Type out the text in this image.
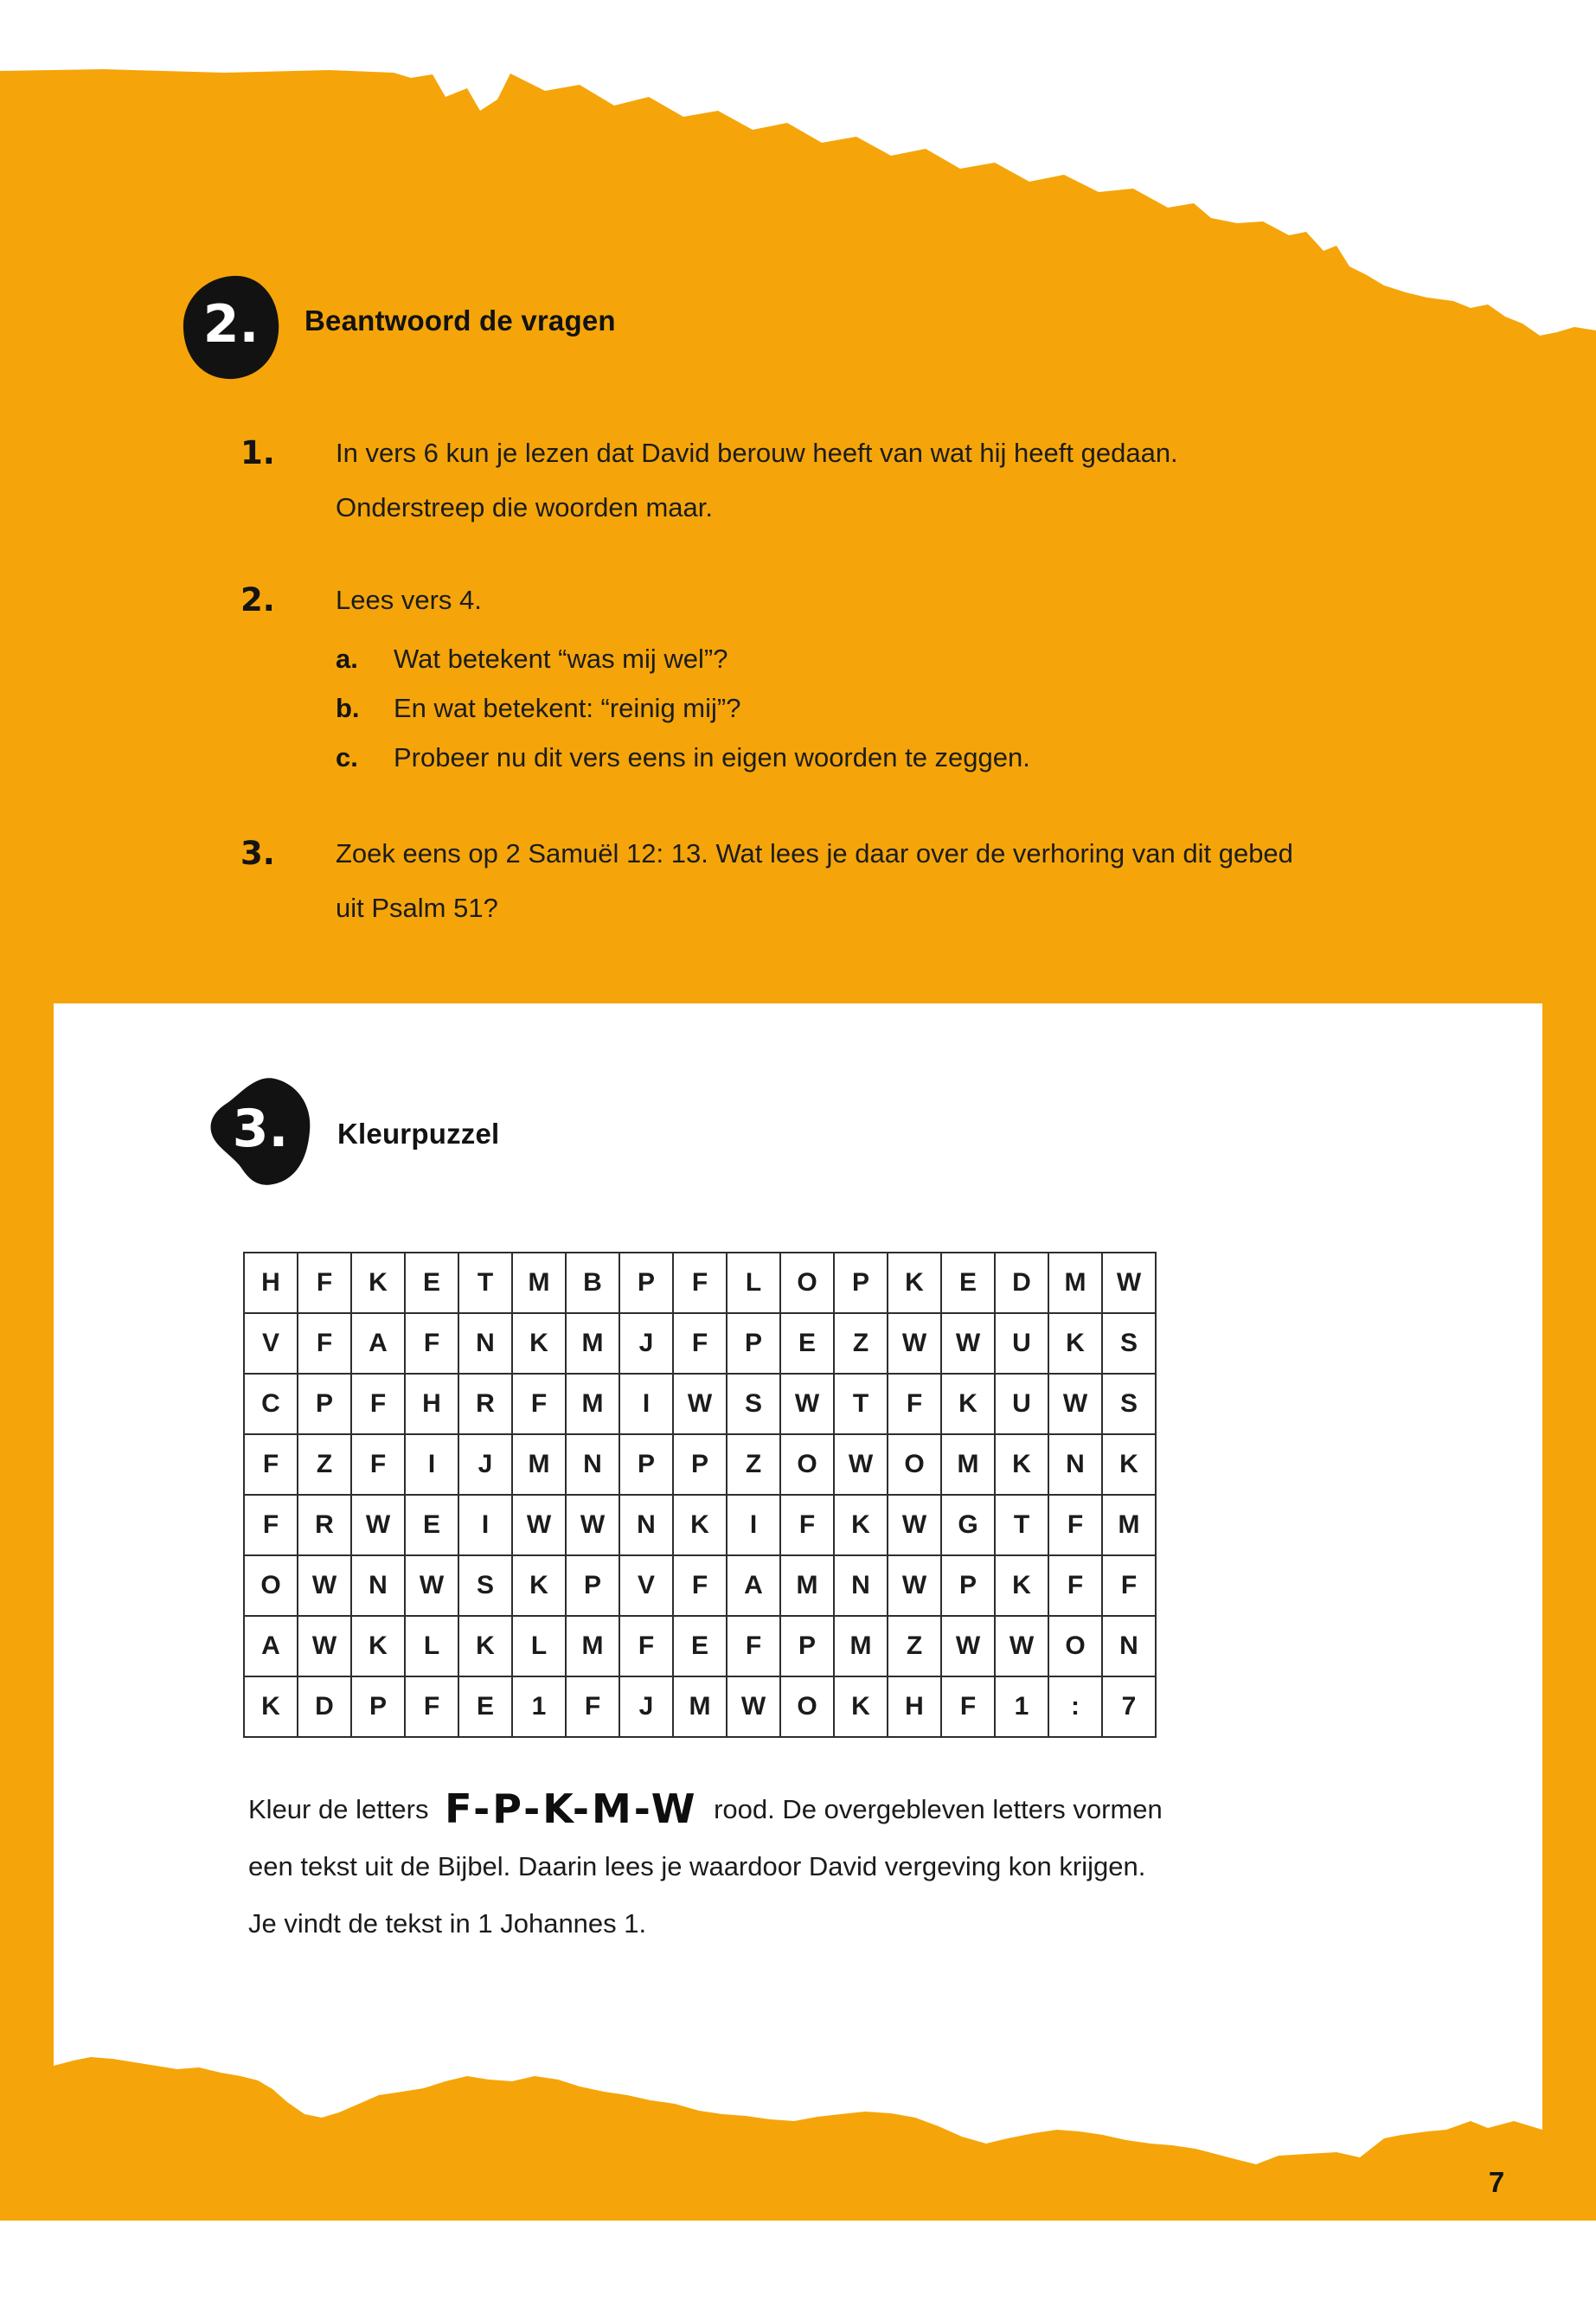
2.	Beantwoord de vragen
1.	In vers 6 kun je lezen dat David berouw heeft van wat hij heeft gedaan.
Onderstreep die woorden maar.
2.	Lees vers 4.
a.	Wat betekent “was mij wel”?
b.	En wat betekent: “reinig mij”?
c.	Probeer nu dit vers eens in eigen woorden te zeggen.
3.	Zoek eens op 2 Samuël 12: 13. Wat lees je daar over de verhoring van dit gebed
uit Psalm 51?
3.	Kleurpuzzel
H	F	K	E	T	M	B	P	F	L	O	P	K	E	D	M	W
V	F	A	F	N	K	M	J	F	P	E	Z	W	W	U	K	S
C	P	F	H	R	F	M	I	W	S	W	T	F	K	U	W	S
F	Z	F	I	J	M	N	P	P	Z	O	W	O	M	K	N	K
F	R	W	E	I	W	W	N	K	I	F	K	W	G	T	F	M
O	W	N	W	S	K	P	V	F	A	M	N	W	P	K	F	F
A	W	K	L	K	L	M	F	E	F	P	M	Z	W	W	O	N
K	D	P	F	E	1	F	J	M	W	O	K	H	F	1	:	7

Kleur de letters F-P-K-M-W rood. De overgebleven letters vormen
een tekst uit de Bijbel. Daarin lees je waardoor David vergeving kon krijgen.
Je vindt de tekst in 1 Johannes 1.

7
